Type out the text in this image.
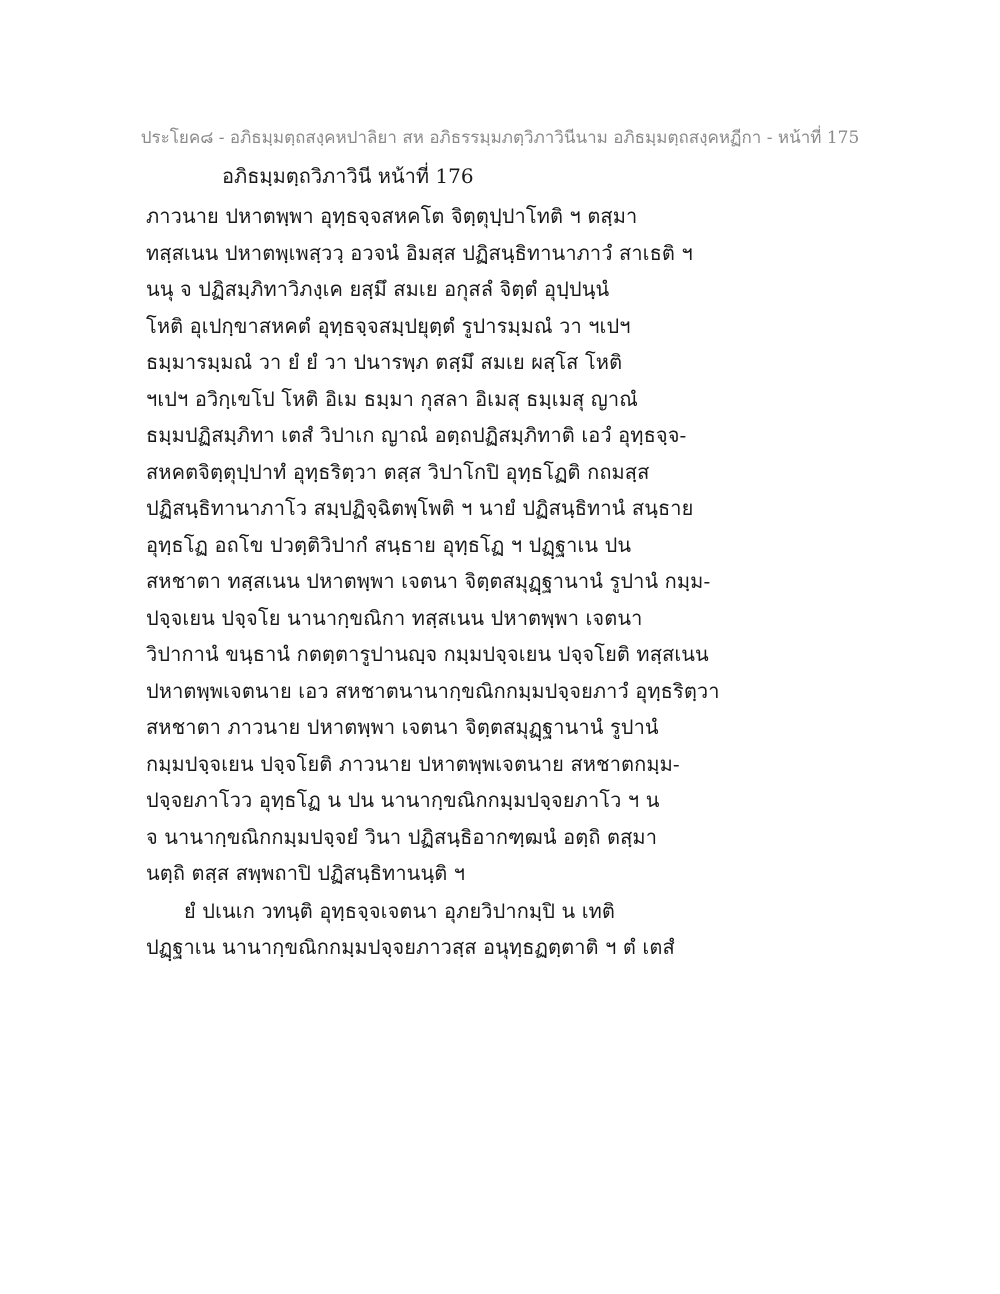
ประโยค๘ - อภิธมฺมตฺถสงฺคหปาลิยา สห อภิธรรมฺมภตฺวิภาวินีนาม อภิธมฺมตฺถสงฺคหฏีกา - หน้าที่ 175
อภิธมฺมตฺถวิภาวินี หน้าที่ 176
ภาวนาย ปหาตพฺพา อุทฺธจฺจสหคโต จิตฺตุปฺปาโทติ ฯ ตสฺมา
ทสฺสเนน ปหาตพฺเพสฺววฺ อวจนํ อิมสฺส ปฏิสนฺธิทานาภาวํ สาเธติ ฯ
นนุ จ ปฏิสมฺภิทาวิภงฺเค ยสฺมึ สมเย อกุสลํ จิตฺตํ อุปฺปนฺนํ
โหติ อุเปกฺขาสหคตํ อุทฺธจฺจสมฺปยุตฺตํ รูปารมฺมณํ วา ฯเปฯ
ธมฺมารมฺมณํ วา ยํ ยํ วา ปนารพฺภ ตสฺมึ สมเย ผสฺโส โหติ
ฯเปฯ อวิกฺเขโป โหติ อิเม ธมฺมา กุสลา อิเมสุ ธมฺเมสุ ญาณํ
ธมฺมปฏิสมฺภิทา เตสํ วิปาเก ญาณํ อตฺถปฏิสมฺภิทาติ เอวํ อุทฺธจฺจ-
สหคตจิตฺตุปฺปาทํ อุทฺธริตฺวา ตสฺส วิปาโกปิ อุทฺธโฏติ กถมสฺส
ปฏิสนฺธิทานาภาโว สมฺปฏิจฺฉิตพฺโพติ ฯ นายํ ปฏิสนฺธิทานํ สนฺธาย
อุทฺธโฏ อถโข ปวตฺติวิปากํ สนฺธาย อุทฺธโฏ ฯ ปฏฺฐาเน ปน
สหชาตา ทสฺสเนน ปหาตพฺพา เจตนา จิตฺตสมุฏฺฐานานํ รูปานํ กมฺม-
ปจฺจเยน ปจฺจโย นานากฺขณิกา ทสฺสเนน ปหาตพฺพา เจตนา
วิปากานํ ขนฺธานํ กตตฺตารูปานญฺจ กมฺมปจฺจเยน ปจฺจโยติ ทสฺสเนน
ปหาตพฺพเจตนาย เอว สหชาตนานากฺขณิกกมฺมปจฺจยภาวํ อุทฺธริตฺวา
สหชาตา ภาวนาย ปหาตพฺพา เจตนา จิตฺตสมุฏฺฐานานํ รูปานํ
กมฺมปจฺจเยน ปจฺจโยติ ภาวนาย ปหาตพฺพเจตนาย สหชาตกมฺม-
ปจฺจยภาโวว อุทฺธโฏ น ปน นานากฺขณิกกมฺมปจฺจยภาโว ฯ น
จ นานากฺขณิกกมฺมปจฺจยํ วินา ปฏิสนฺธิอากฑฺฒนํ อตฺถิ ตสฺมา
นตฺถิ ตสฺส สพฺพถาปิ ปฏิสนฺธิทานนฺติ ฯ
ยํ ปเนเก วทนฺติ อุทฺธจฺจเจตนา อุภยวิปากมฺปิ น เทติ
ปฏฺฐาเน นานากฺขณิกกมฺมปจฺจยภาวสฺส อนุทฺธฏตฺตาติ ฯ ตํ เตสํ
